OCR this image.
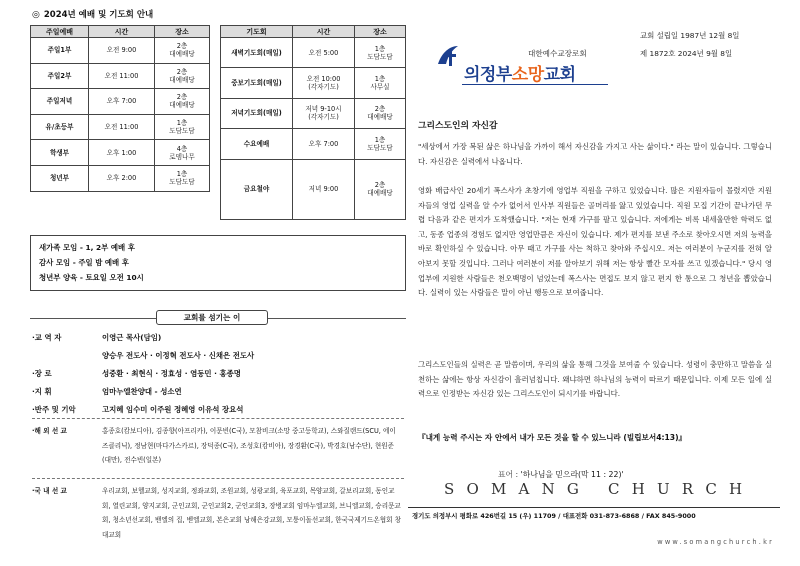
◎ 2024년 예배 및 기도회 안내
주일예배	시간	장소

주일1부	오전 9:00	2층
대예배당

주일2부	오전 11:00	2층
대예배당

주일저녁	오후 7:00	2층
대예배당

유/초등부	오전 11:00	1층
도담도담

학생부	오후 1:00	4층
로뎀나무

청년부	오후 2:00	1층
도담도담
기도회	시간	장소

새벽기도회(매일)	오전 5:00	1층
도담도담

중보기도회(매일)	오전 10:00
(각자기도)	1층
사무실

저녁기도회(매일)	저녁 9-10시
(각자기도)	2층
대예배당

수요예배	오후 7:00	1층
도담도담

금요철야	저녁 9:00	2층
대예배당
새가족 모임 - 1, 2부 예배 후
감사 모임 - 주일 밤 예배 후
청년부 양육 - 토요일 오전 10시
교회를 섬기는 이
·교 역 자	이영근 목사(담임)
양승우 전도사 · 이정혁 전도사 · 신채은 전도사
·장 로	성중환 · 최현식 · 정효성 · 염동민 · 홍종명
·지 휘	엄마누엘찬양대 - 성소연
·반주 및 기악	고지혜 임수미 이주원 정혜영 이유석 장요석
·해 외 선 교	홍종호(캄보디아), 김종향(아프리카), 이문빈(C국), 모참비크(소망 중고등학교), 스와질랜드(SCU, 에이즈클리닉), 정남현(마다가스카르), 장덕종(C국), 조성호(캄비아), 장경환(C국), 박경호(남수단), 현원준(대만), 전수빈(일본)
·국 내 선 교	우리교회, 보헬교회, 성지교회, 정좌교회, 조원교회, 성광교회, 육포교회, 목양교회, 갈보리교회, 동인교회, 열린교회, 양지교회, 군인교회, 군인교회2, 군인교회3, 장병교회 임마누엘교회, 브니엘교회, 승리문교회, 청소년선교회, 밴엘의 집, 벧엘교회, 본은교회 낭해은강교회, 모퉁이돌선교회, 한국국제기드온협회 창대교회
대한예수교장로회
의정부소망교회
교회 설립일 1987년 12월 8일
제 1872호 2024년 9월 8일
그리스도인의 자신감
"세상에서 가장 복된 삶은 하나님을 가까이 해서 자신감을 가지고 사는 삶이다." 라는 말이 있습니다. 그렇습니다. 자신감은 실력에서 나옵니다.
영화 배급사인 20세기 폭스사가 초창기에 영업부 직원을 구하고 있었습니다. 많은 지원자들이 몰렸지만 지원자들의 영업 실력을 알 수가 없어서 인사부 직원들은 골머리를 앓고 있었습니다. 직원 모집 기간이 끝나가던 무렵 다음과 같은 편지가 도착했습니다. "저는 현재 가구를 팔고 있습니다. 저에게는 비록 내세울만한 학력도 없고, 동종 업종의 경험도 없지만 영업만큼은 자신이 있습니다. 제가 편지를 보낸 주소로 찾아오시면 저의 능력을 바로 확인하실 수 있습니다. 아무 때고 가구를 사는 척하고 찾아와 주십시오. 저는 여러분이 누군지를 전혀 알아보지 못할 것입니다. 그러나 여러분이 저를 알아보기 위해 저는 항상 빨간 모자를 쓰고 있겠습니다." 당시 영업부에 지원한 사람들은 천오백명이 넘었는데 폭스사는 면접도 보지 않고 편지 한 통으로 그 청년을 뽑았습니다. 실력이 있는 사람들은 말이 아닌 행동으로 보여줍니다.
그리스도인들의 실력은 곧 말씀이며, 우리의 삶을 통해 그것을 보여줄 수 있습니다. 성령이 충만하고 말씀을 실천하는 삶에는 항상 자신감이 흘러넘칩니다. 왜냐하면 하나님의 능력이 따르기 때문입니다. 이제 모든 일에 실력으로 인정받는 자신감 있는 그리스도인이 되시기를 바랍니다.
『내게 능력 주시는 자 안에서 내가 모든 것을 할 수 있느니라 (빌립보서4:13)』
표어 : '하나님을 믿으라(막 11 : 22)'
SOMANG CHURCH
경기도 의정부시 평화로 426번길 15 (우) 11709 / 대표전화 031-873-6868 / FAX 845-9000
www.somangchurch.kr
